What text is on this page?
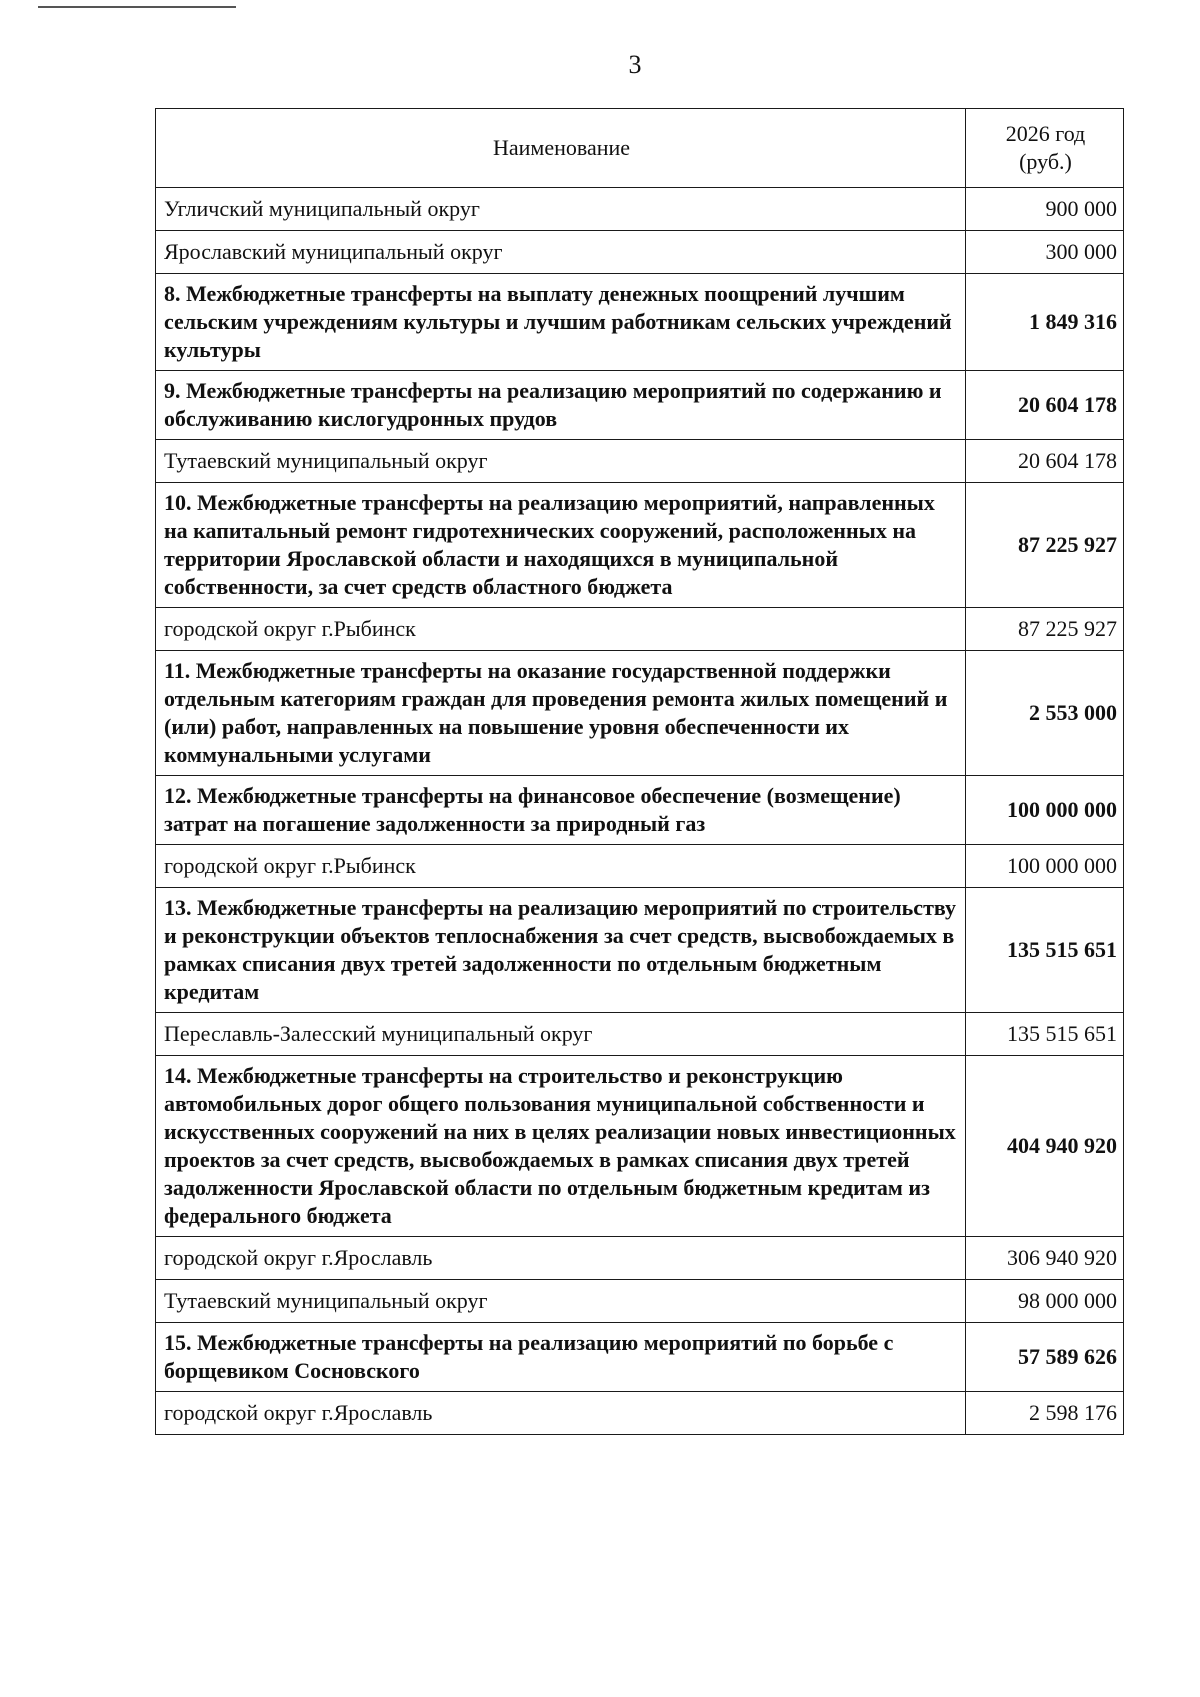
3
Наименование	2026 год
(руб.)
Угличский муниципальный округ	900 000
Ярославский муниципальный округ	300 000
8. Межбюджетные трансферты на выплату денежных поощрений лучшим сельским учреждениям культуры и лучшим работникам сельских учреждений культуры	1 849 316
9. Межбюджетные трансферты на реализацию мероприятий по содержанию и обслуживанию кислогудронных прудов	20 604 178
Тутаевский муниципальный округ	20 604 178
10. Межбюджетные трансферты на реализацию мероприятий, направленных на капитальный ремонт гидротехнических сооружений, расположенных на территории Ярославской области и находящихся в муниципальной собственности, за счет средств областного бюджета	87 225 927
городской округ г.Рыбинск	87 225 927
11. Межбюджетные трансферты на оказание государственной поддержки отдельным категориям граждан для проведения ремонта жилых помещений и (или) работ, направленных на повышение уровня обеспеченности их коммунальными услугами	2 553 000
12. Межбюджетные трансферты на финансовое обеспечение (возмещение) затрат на погашение задолженности за природный газ	100 000 000
городской округ г.Рыбинск	100 000 000
13. Межбюджетные трансферты на реализацию мероприятий по строительству и реконструкции объектов теплоснабжения за счет средств, высвобождаемых в рамках списания двух третей задолженности по отдельным бюджетным кредитам	135 515 651
Переславль-Залесский муниципальный округ	135 515 651
14. Межбюджетные трансферты на строительство и реконструкцию автомобильных дорог общего пользования муниципальной собственности и искусственных сооружений на них в целях реализации новых инвестиционных проектов за счет средств, высвобождаемых в рамках списания двух третей задолженности Ярославской области по отдельным бюджетным кредитам из федерального бюджета	404 940 920
городской округ г.Ярославль	306 940 920
Тутаевский муниципальный округ	98 000 000
15. Межбюджетные трансферты на реализацию мероприятий по борьбе с борщевиком Сосновского	57 589 626
городской округ г.Ярославль	2 598 176
